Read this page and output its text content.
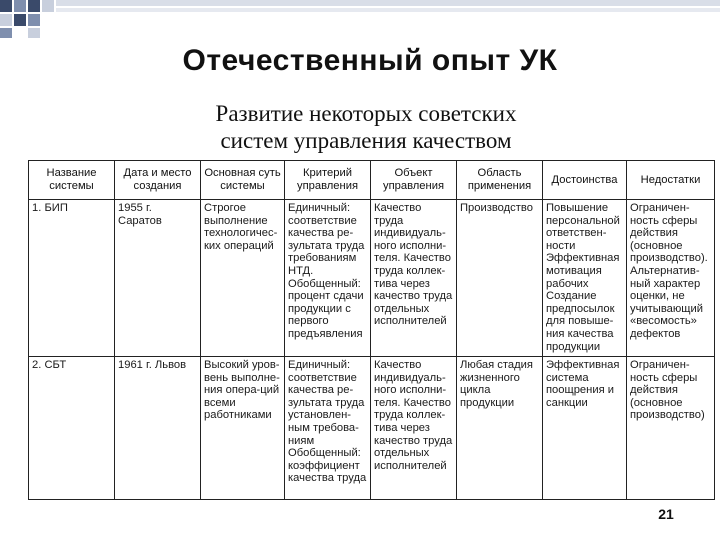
Отечественный опыт УК
Развитие некоторых советских
систем управления качеством
Название системы	Дата и место создания	Основная суть системы	Критерий управления	Объект управления	Область применения	Достоинства	Недостатки
1. БИП	1955 г. Саратов	Строгое выполнение технологичес-ких операций	Единичный: соответствие качества ре-зультата труда требованиям НТД. Обобщенный: процент сдачи продукции с первого предъявления	Качество труда индивидуаль-ного исполни-теля. Качество труда коллек-тива через качество труда отдельных исполнителей	Производство	Повышение персональной ответствен-ности Эффективная мотивация рабочих Создание предпосылок для повыше-ния качества продукции	Ограничен-ность сферы действия (основное производство). Альтернатив-ный характер оценки, не учитывающий «весомость» дефектов
2. СБТ	1961 г. Львов	Высокий уров-вень выполне-ния опера-ций всеми работниками	Единичный: соответствие качества ре-зультата труда установлен-ным требова-ниям Обобщенный: коэффициент качества труда	Качество индивидуаль-ного исполни-теля. Качество труда коллек-тива через качество труда отдельных исполнителей	Любая стадия жизненного цикла продукции	Эффективная система поощрения и санкции	Ограничен-ность сферы действия (основное производство)
21
